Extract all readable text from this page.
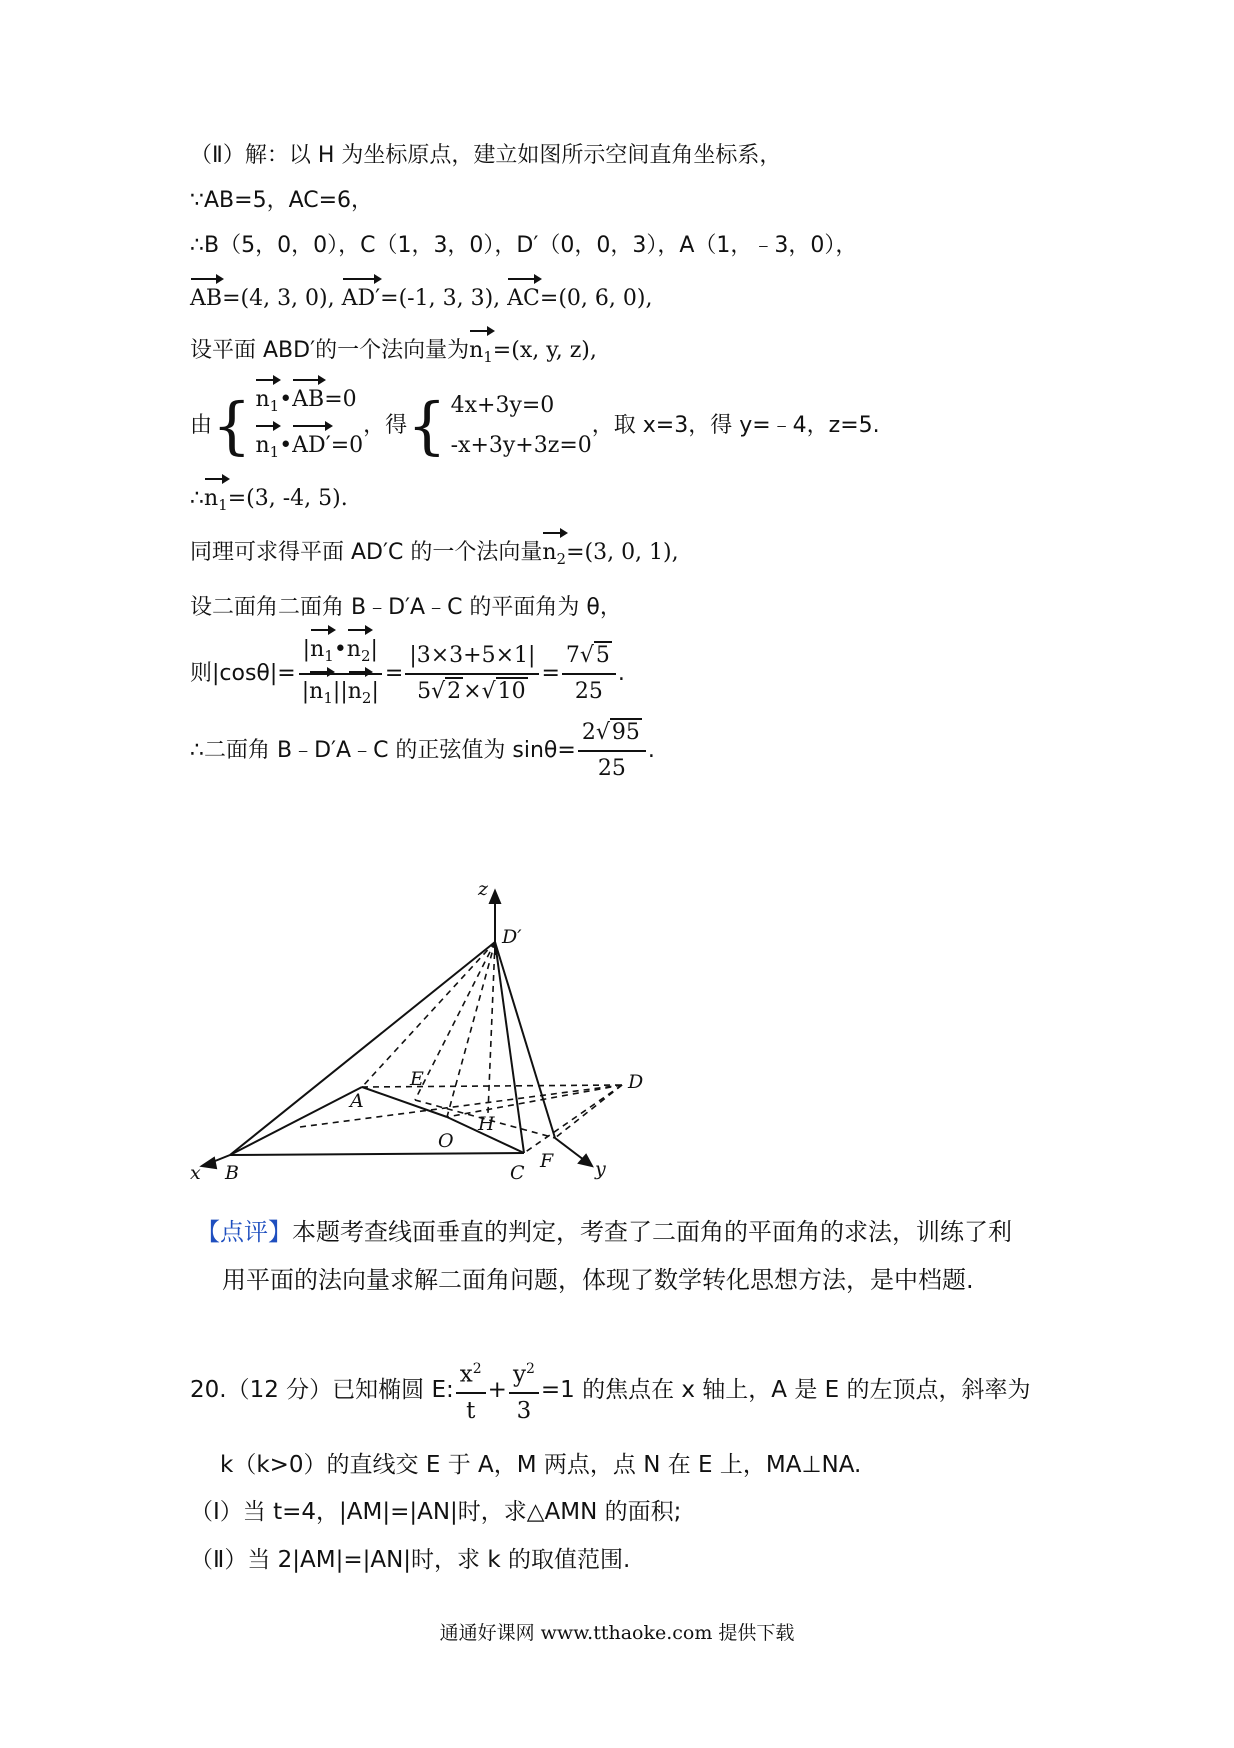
（Ⅱ）解：以 H 为坐标原点，建立如图所示空间直角坐标系，
∵AB=5，AC=6，
∴B（5，0，0），C（1，3，0），D′（0，0，3），A（1，﹣3，0），
AB=(4, 3, 0), AD′=(-1, 3, 3), AC=(0, 6, 0),
设平面 ABD′的一个法向量为$n_1=(x$, y, z),
由 { $n_1•AB=0$
$n_1•AD'=0$
，得 { 4x+3y=0
-x+3y+3z=0
，取 x=3，得 y=﹣4，z=5.
$\therefore n_1=(3$, -4, 5).
同理可求得平面 AD′C 的一个法向量$n_2=(3$, 0, 1),
设二面角二面角 B﹣D′A﹣C 的平面角为 θ，
则$|\cos\theta|= \frac{|n_1•n_2|}{|n_1||n_2|} = \frac{|3\times 3+5\times 1|}{5√2\times√10} = \frac{7√5}{25}$ .
∴二面角 B﹣D′A﹣C 的正弦值为 $\sin\theta= \frac{2√95}{25}$ .
z
D′
E	D
A
H
O
F
x B	C	y
【点评】本题考查线面垂直的判定，考查了二面角的平面角的求法，训练了利
用平面的法向量求解二面角问题，体现了数学转化思想方法，是中档题.
20.（12 分）已知椭圆 E: $\frac{x^2}{t} + \frac{y^2}{3} =1$ 的焦点在 x 轴上，A 是 E 的左顶点，斜率为
k（k>0）的直线交 E 于 A，M 两点，点 N 在 E 上，MA⊥NA.
（Ⅰ）当 t=4，|AM|=|AN|时，求△AMN 的面积;
（Ⅱ）当 2|AM|=|AN|时，求 k 的取值范围.
通通好课网 www.tthaoke.com 提供下载
